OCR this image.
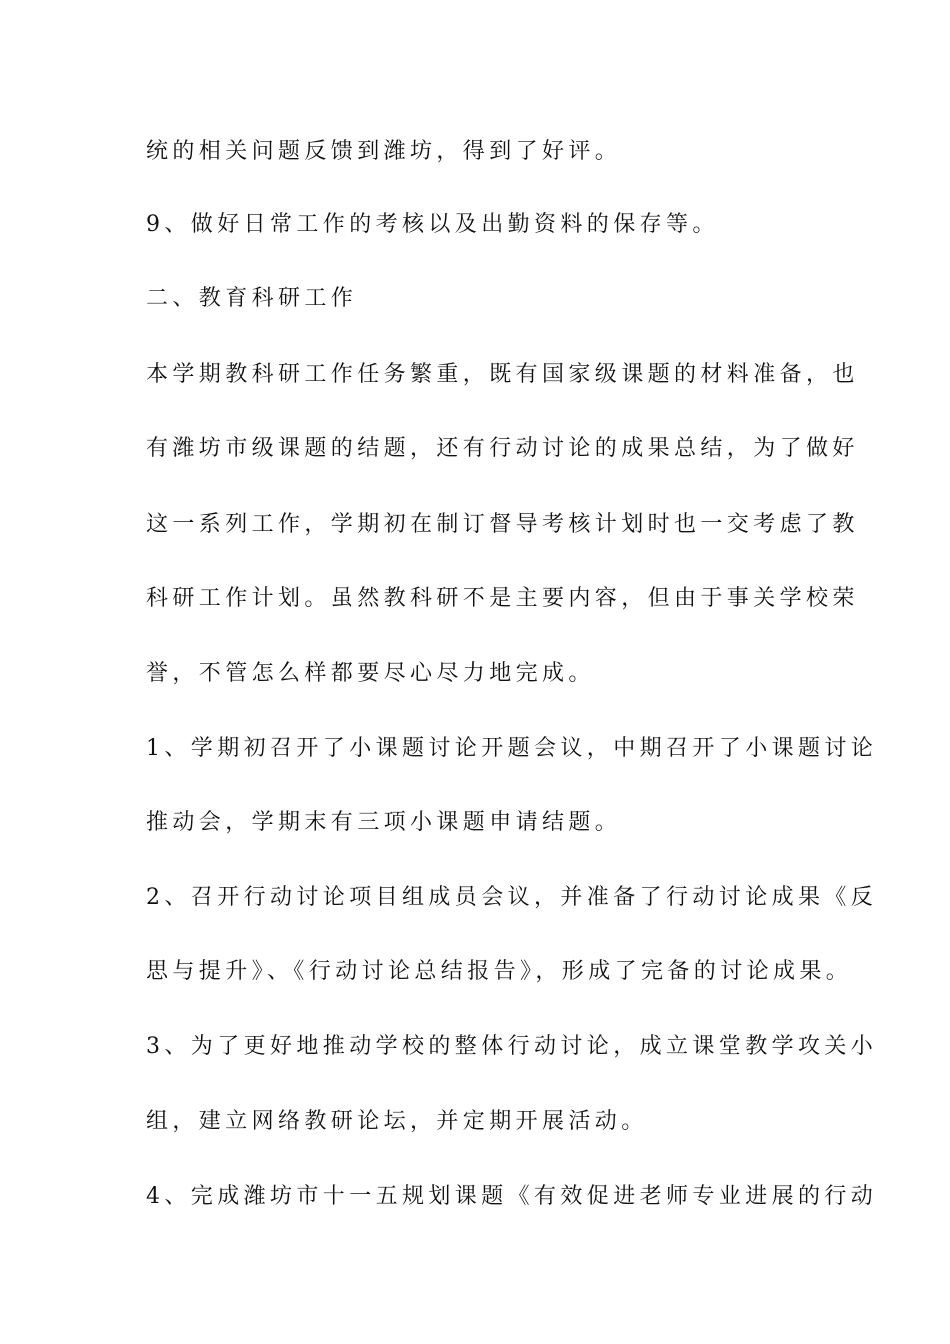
统的相关问题反馈到潍坊，得到了好评。
9、做好日常工作的考核以及出勤资料的保存等。
二、教育科研工作
本学期教科研工作任务繁重，既有国家级课题的材料准备，也
有潍坊市级课题的结题，还有行动讨论的成果总结，为了做好
这一系列工作，学期初在制订督导考核计划时也一交考虑了教
科研工作计划。虽然教科研不是主要内容，但由于事关学校荣
誉，不管怎么样都要尽心尽力地完成。
1、学期初召开了小课题讨论开题会议，中期召开了小课题讨论
推动会，学期末有三项小课题申请结题。
2、召开行动讨论项目组成员会议，并准备了行动讨论成果《反
思与提升》、《行动讨论总结报告》，形成了完备的讨论成果。
3、为了更好地推动学校的整体行动讨论，成立课堂教学攻关小
组，建立网络教研论坛，并定期开展活动。
4、完成潍坊市十一五规划课题《有效促进老师专业进展的行动
